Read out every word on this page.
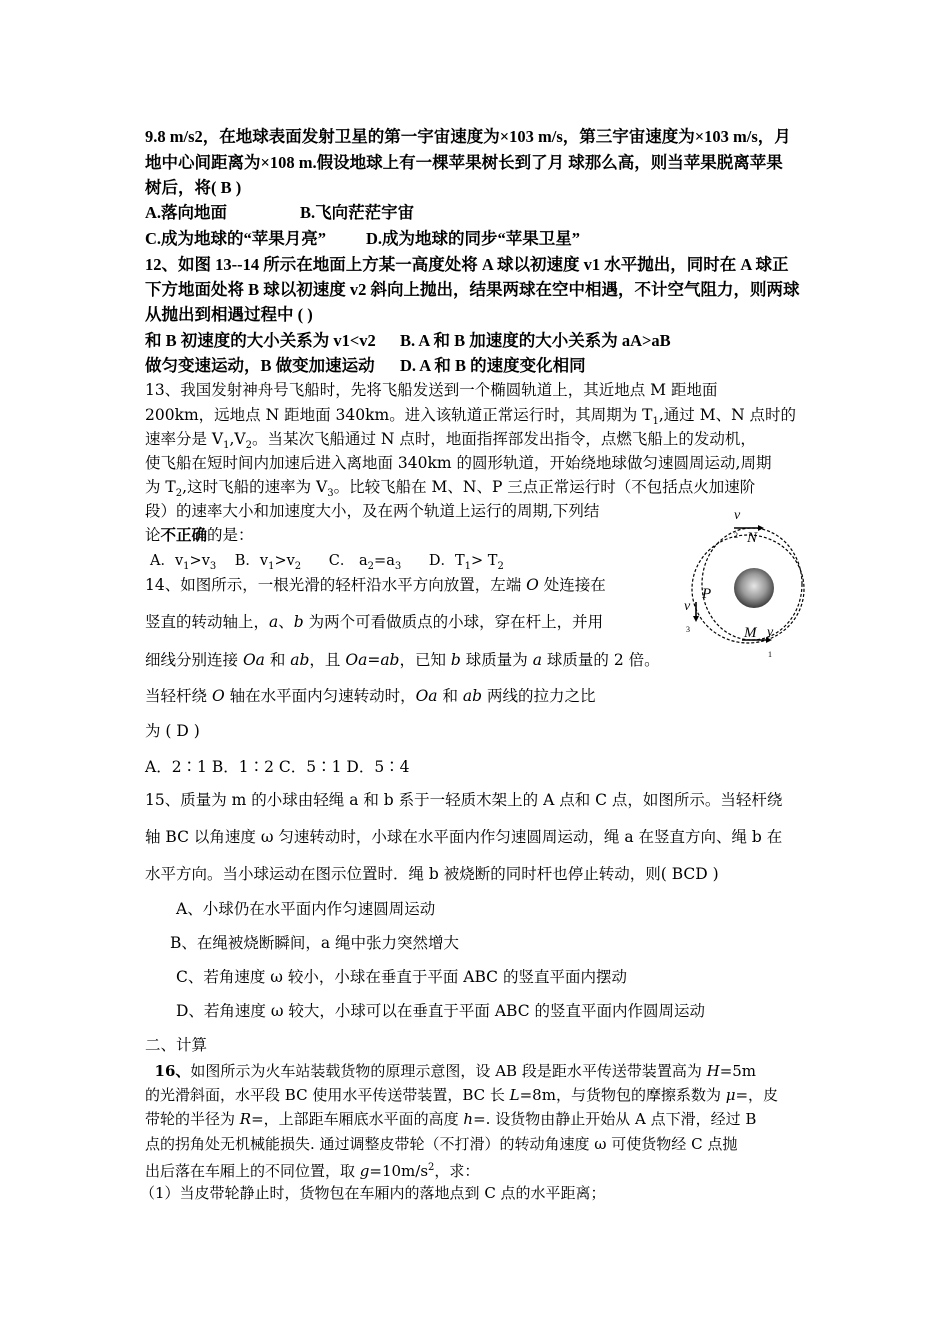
9.8 m/s2，在地球表面发射卫星的第一宇宙速度为×103 m/s，第三宇宙速度为×103 m/s，月
地中心间距离为×108 m.假设地球上有一棵苹果树长到了月 球那么高，则当苹果脱离苹果
树后，将( B )
A.落向地面	B.飞向茫茫宇宙
C.成为地球的“苹果月亮” D.成为地球的同步“苹果卫星”
12、如图 13--14 所示在地面上方某一高度处将 A 球以初速度 v1 水平抛出，同时在 A 球正
下方地面处将 B 球以初速度 v2 斜向上抛出，结果两球在空中相遇，不计空气阻力，则两球
从抛出到相遇过程中 ( )
和 B 初速度的大小关系为 v1<v2 B. A 和 B 加速度的大小关系为 aA>aB
做匀变速运动，B 做变加速运动 D. A 和 B 的速度变化相同
13、我国发射神舟号飞船时，先将飞船发送到一个椭圆轨道上，其近地点 M 距地面
200km，远地点 N 距地面 340km。进入该轨道正常运行时，其周期为 $T_1$,通过 M、N 点时的
速率分是 $V_1,V_2$。当某次飞船通过 N 点时，地面指挥部发出指令，点燃飞船上的发动机，
使飞船在短时间内加速后进入离地面 340km 的圆形轨道，开始绕地球做匀速圆周运动,周期
为 $T_2$,这时飞船的速率为 $V_3$。比较飞船在 M、N、P 三点正常运行时（不包括点火加速阶
段）的速率大小和加速度大小，及在两个轨道上运行的周期,下列结
论不正确的是：
A．$v_1>v_3$    B．$v_1>v_2$      C． $a_2=a_3$      D．$T_1> T_2$
v
N
2
P
v
3	M v
1
14、如图所示，一根光滑的轻杆沿水平方向放置，左端 O 处连接在
竖直的转动轴上，a、b 为两个可看做质点的小球，穿在杆上，并用
细线分别连接 Oa 和 ab，且 Oa=ab，已知 b 球质量为 a 球质量的 2 倍。
当轻杆绕 O 轴在水平面内匀速转动时，Oa 和 ab 两线的拉力之比
为 ( D )
A．2∶1 B．1∶2 C．5∶1 D．5∶4
15、质量为 m 的小球由轻绳 a 和 b 系于一轻质木架上的 A 点和 C 点，如图所示。当轻杆绕
轴 BC 以角速度 ω 匀速转动时，小球在水平面内作匀速圆周运动，绳 a 在竖直方向、绳 b 在
水平方向。当小球运动在图示位置时．绳 b 被烧断的同时杆也停止转动，则( BCD )
A、小球仍在水平面内作匀速圆周运动
B、在绳被烧断瞬间，a 绳中张力突然增大
C、若角速度 ω 较小，小球在垂直于平面 ABC 的竖直平面内摆动
D、若角速度 ω 较大，小球可以在垂直于平面 ABC 的竖直平面内作圆周运动
二、计算
16、如图所示为火车站装载货物的原理示意图，设 AB 段是距水平传送带装置高为 H=5m
的光滑斜面，水平段 BC 使用水平传送带装置，BC 长 L=8m，与货物包的摩擦系数为 μ=，皮
带轮的半径为 R=，上部距车厢底水平面的高度 h=. 设货物由静止开始从 A 点下滑，经过 B
点的拐角处无机械能损失. 通过调整皮带轮（不打滑）的转动角速度 ω 可使货物经 C 点抛
出后落在车厢上的不同位置，取 $g=10m/s^2$，求：
（1）当皮带轮静止时，货物包在车厢内的落地点到 C 点的水平距离；
